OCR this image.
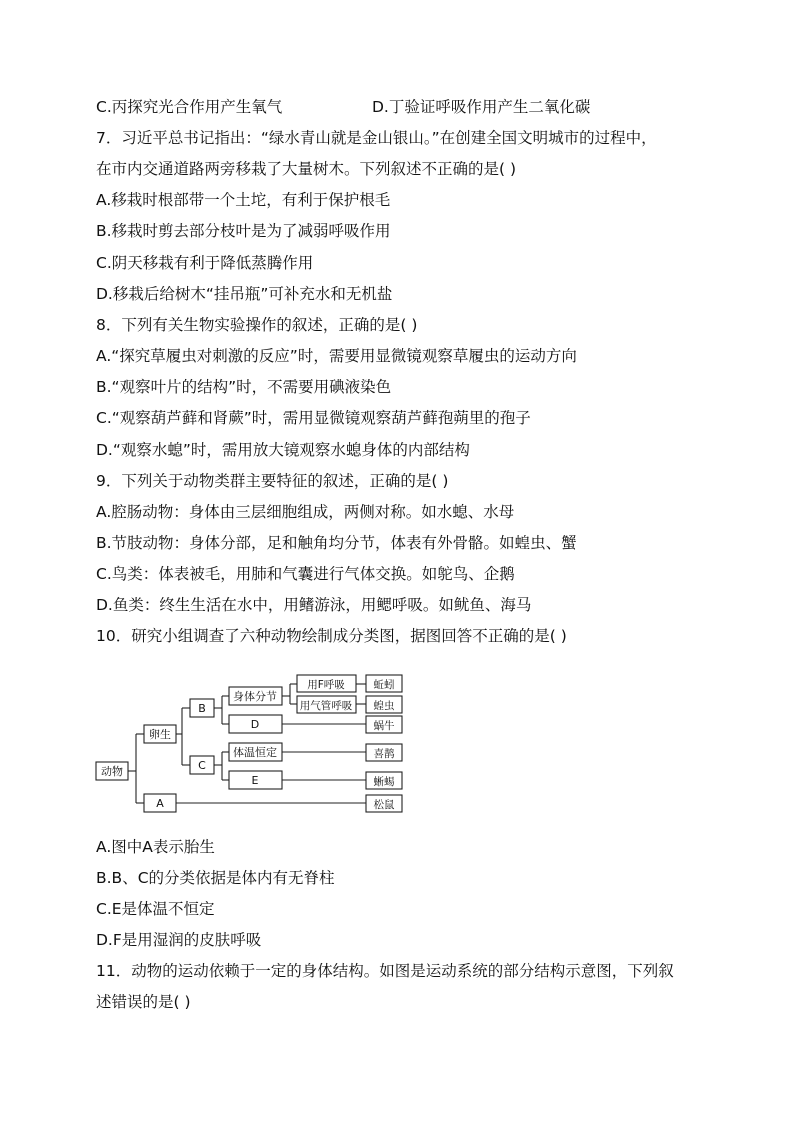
C.丙探究光合作用产生氧气	D.丁验证呼吸作用产生二氧化碳
7．习近平总书记指出：“绿水青山就是金山银山。”在创建全国文明城市的过程中，
在市内交通道路两旁移栽了大量树木。下列叙述不正确的是( )
A.移栽时根部带一个土坨，有利于保护根毛
B.移栽时剪去部分枝叶是为了减弱呼吸作用
C.阴天移栽有利于降低蒸腾作用
D.移栽后给树木“挂吊瓶”可补充水和无机盐
8．下列有关生物实验操作的叙述，正确的是( )
A.“探究草履虫对刺激的反应”时，需要用显微镜观察草履虫的运动方向
B.“观察叶片的结构”时，不需要用碘液染色
C.“观察葫芦藓和肾蕨”时，需用显微镜观察葫芦藓孢蒴里的孢子
D.“观察水螅”时，需用放大镜观察水螅身体的内部结构
9．下列关于动物类群主要特征的叙述，正确的是( )
A.腔肠动物：身体由三层细胞组成，两侧对称。如水螅、水母
B.节肢动物：身体分部，足和触角均分节，体表有外骨骼。如蝗虫、蟹
C.鸟类：体表被毛，用肺和气囊进行气体交换。如鸵鸟、企鹅
D.鱼类：终生生活在水中，用鳍游泳，用鳃呼吸。如鱿鱼、海马
10．研究小组调查了六种动物绘制成分类图，据图回答不正确的是( )
动物
卵生
A
B
C
身体分节
D
体温恒定
E
用F呼吸
用气管呼吸
蚯蚓
蝗虫
蜗牛
喜鹊
蜥蜴
松鼠
A.图中A表示胎生
B.B、C的分类依据是体内有无脊柱
C.E是体温不恒定
D.F是用湿润的皮肤呼吸
11．动物的运动依赖于一定的身体结构。如图是运动系统的部分结构示意图，下列叙
述错误的是( )
